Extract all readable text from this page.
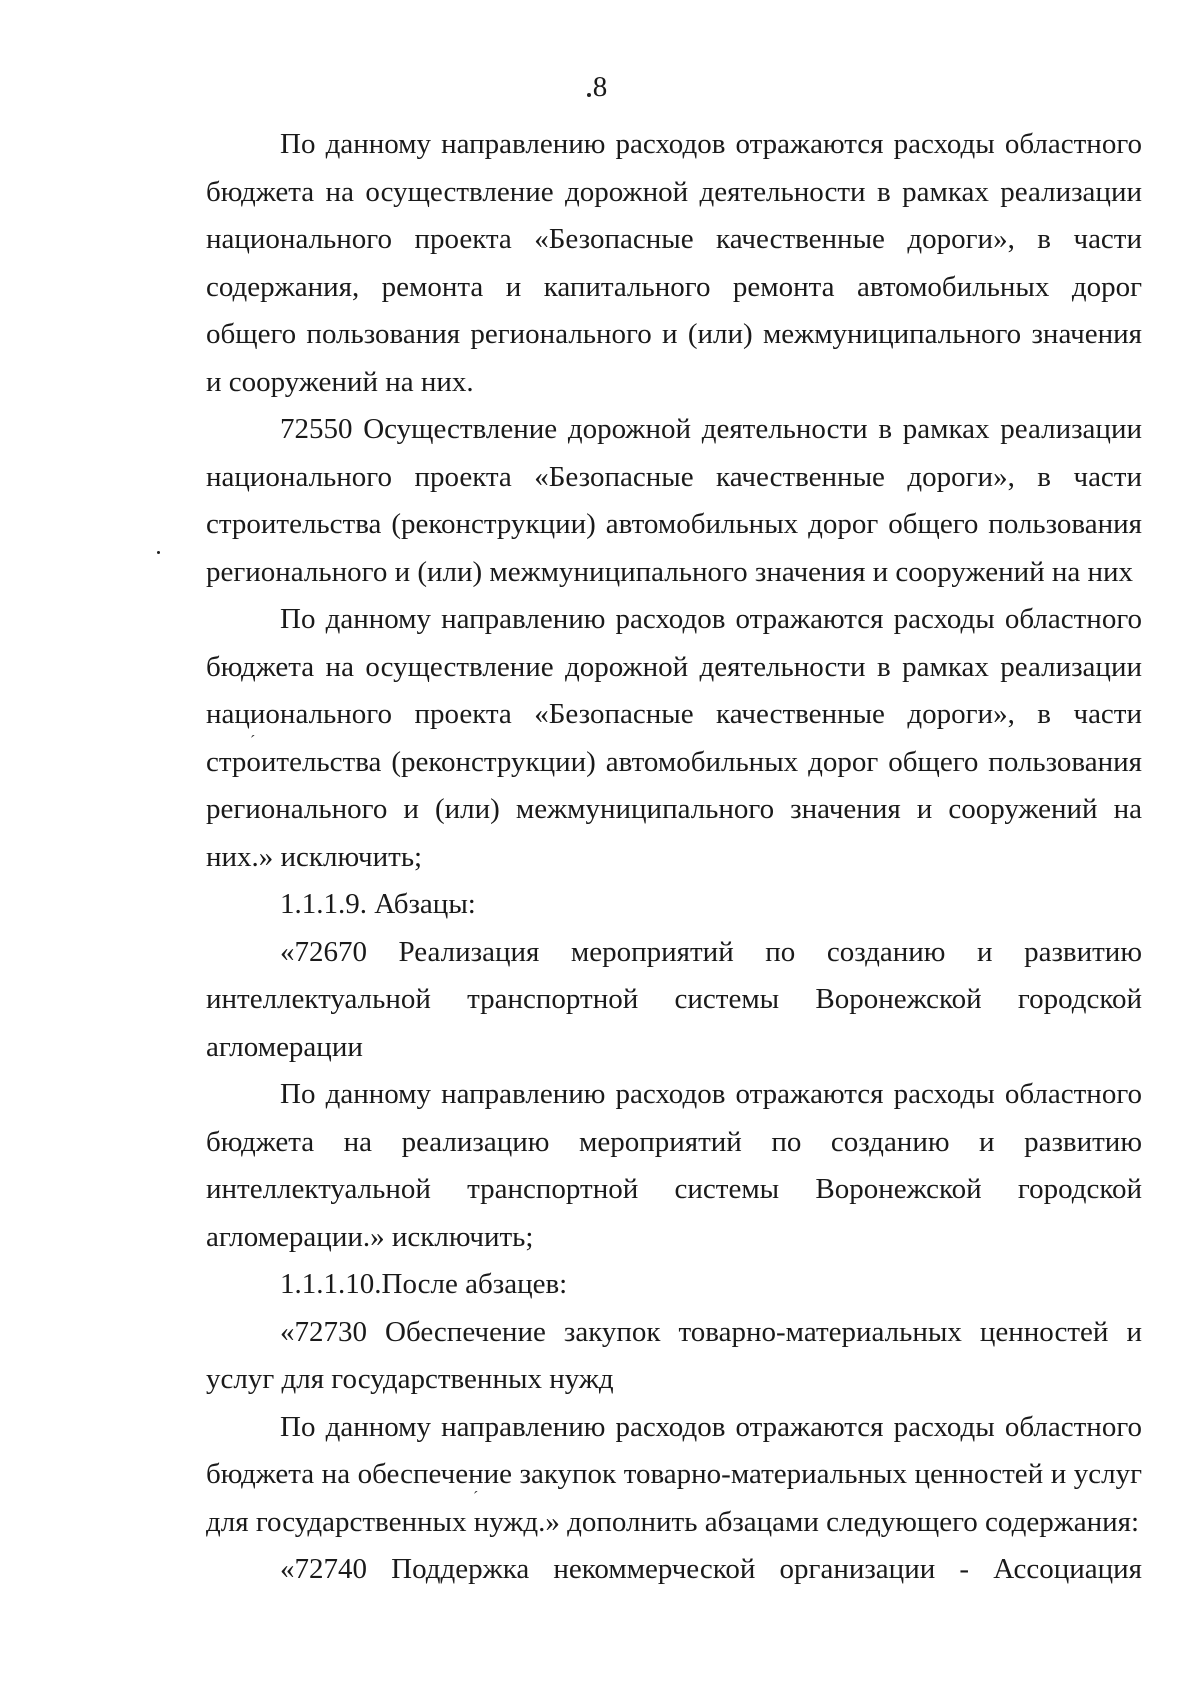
8
ˊ
ˊ

По данному направлению расходов отражаются расходы областного бюджета на осуществление дорожной деятельности в рамках реализации национального проекта «Безопасные качественные дороги», в части содержания, ремонта и капитального ремонта автомобильных дорог общего пользования регионального и (или) межмуниципального значения и сооружений на них.

72550 Осуществление дорожной деятельности в рамках реализации национального проекта «Безопасные качественные дороги», в части строительства (реконструкции) автомобильных дорог общего пользования регионального и (или) межмуниципального значения и сооружений на них

По данному направлению расходов отражаются расходы областного бюджета на осуществление дорожной деятельности в рамках реализации национального проекта «Безопасные качественные дороги», в части строительства (реконструкции) автомобильных дорог общего пользования регионального и (или) межмуниципального значения и сооружений на них.» исключить;

1.1.1.9. Абзацы:

«72670 Реализация мероприятий по созданию и развитию интеллектуальной транспортной системы Воронежской городской агломерации

По данному направлению расходов отражаются расходы областного бюджета на реализацию мероприятий по созданию и развитию интеллектуальной транспортной системы Воронежской городской агломерации.» исключить;

1.1.1.10.После абзацев:

«72730 Обеспечение закупок товарно-материальных ценностей и услуг для государственных нужд

По данному направлению расходов отражаются расходы областного бюджета на обеспечение закупок товарно-материальных ценностей и услуг для государственных нужд.» дополнить абзацами следующего содержания:

«72740 Поддержка некоммерческой организации - Ассоциация
